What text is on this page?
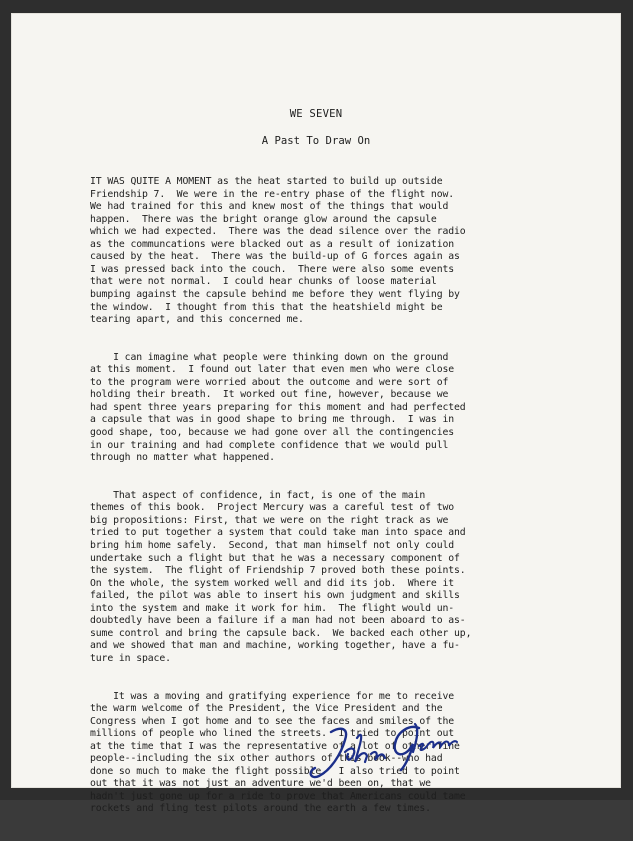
WE SEVEN
A Past To Draw On

IT WAS QUITE A MOMENT as the heat started to build up outside
Friendship 7.  We were in the re-entry phase of the flight now.
We had trained for this and knew most of the things that would
happen.  There was the bright orange glow around the capsule
which we had expected.  There was the dead silence over the radio
as the communcations were blacked out as a result of ionization
caused by the heat.  There was the build-up of G forces again as
I was pressed back into the couch.  There were also some events
that were not normal.  I could hear chunks of loose material
bumping against the capsule behind me before they went flying by
the window.  I thought from this that the heatshield might be
tearing apart, and this concerned me.

I can imagine what people were thinking down on the ground
at this moment.  I found out later that even men who were close
to the program were worried about the outcome and were sort of
holding their breath.  It worked out fine, however, because we
had spent three years preparing for this moment and had perfected
a capsule that was in good shape to bring me through.  I was in
good shape, too, because we had gone over all the contingencies
in our training and had complete confidence that we would pull
through no matter what happened.

That aspect of confidence, in fact, is one of the main
themes of this book.  Project Mercury was a careful test of two
big propositions: First, that we were on the right track as we
tried to put together a system that could take man into space and
bring him home safely.  Second, that man himself not only could
undertake such a flight but that he was a necessary component of
the system.  The flight of Friendship 7 proved both these points.
On the whole, the system worked well and did its job.  Where it
failed, the pilot was able to insert his own judgment and skills
into the system and make it work for him.  The flight would un-
doubtedly have been a failure if a man had not been aboard to as-
sume control and bring the capsule back.  We backed each other up,
and we showed that man and machine, working together, have a fu-
ture in space.

It was a moving and gratifying experience for me to receive
the warm welcome of the President, the Vice President and the
Congress when I got home and to see the faces and smiles of the
millions of people who lined the streets.  I tried to point out
at the time that I was the representative of a lot of other fine
people--including the six other authors of this book--who had
done so much to make the flight possible.  I also tried to point
out that it was not just an adventure we'd been on, that we
hadn't just gone up for a ride to prove that Americans could tame
rockets and fling test pilots around the earth a few times.
